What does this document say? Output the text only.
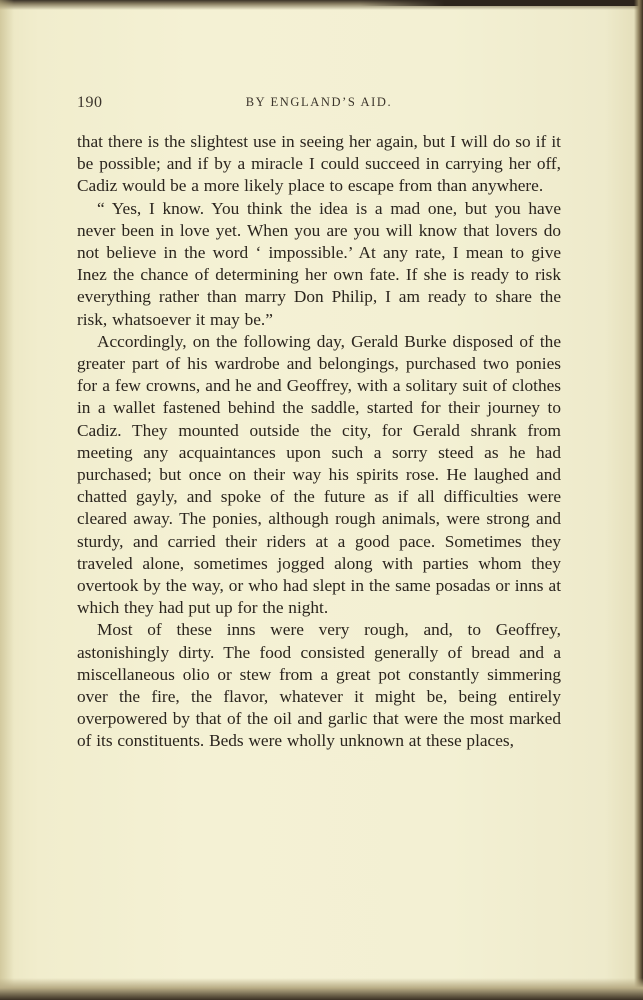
190	BY ENGLAND’S AID.

that there is the slightest use in seeing her again, but I will do so if it be possible; and if by a miracle I could succeed in carrying her off, Cadiz would be a more likely place to escape from than anywhere.

“ Yes, I know. You think the idea is a mad one, but you have never been in love yet. When you are you will know that lovers do not believe in the word ‘ impossible.’ At any rate, I mean to give Inez the chance of determining her own fate. If she is ready to risk everything rather than marry Don Philip, I am ready to share the risk, whatsoever it may be.”

Accordingly, on the following day, Gerald Burke disposed of the greater part of his wardrobe and belongings, purchased two ponies for a few crowns, and he and Geoffrey, with a solitary suit of clothes in a wallet fastened behind the saddle, started for their journey to Cadiz. They mounted outside the city, for Gerald shrank from meeting any acquaintances upon such a sorry steed as he had purchased; but once on their way his spirits rose. He laughed and chatted gayly, and spoke of the future as if all difficulties were cleared away. The ponies, although rough animals, were strong and sturdy, and carried their riders at a good pace. Sometimes they traveled alone, sometimes jogged along with parties whom they overtook by the way, or who had slept in the same posadas or inns at which they had put up for the night.

Most of these inns were very rough, and, to Geoffrey, astonishingly dirty. The food consisted generally of bread and a miscellaneous olio or stew from a great pot constantly simmering over the fire, the flavor, whatever it might be, being entirely overpowered by that of the oil and garlic that were the most marked of its constituents. Beds were wholly unknown at these places,
